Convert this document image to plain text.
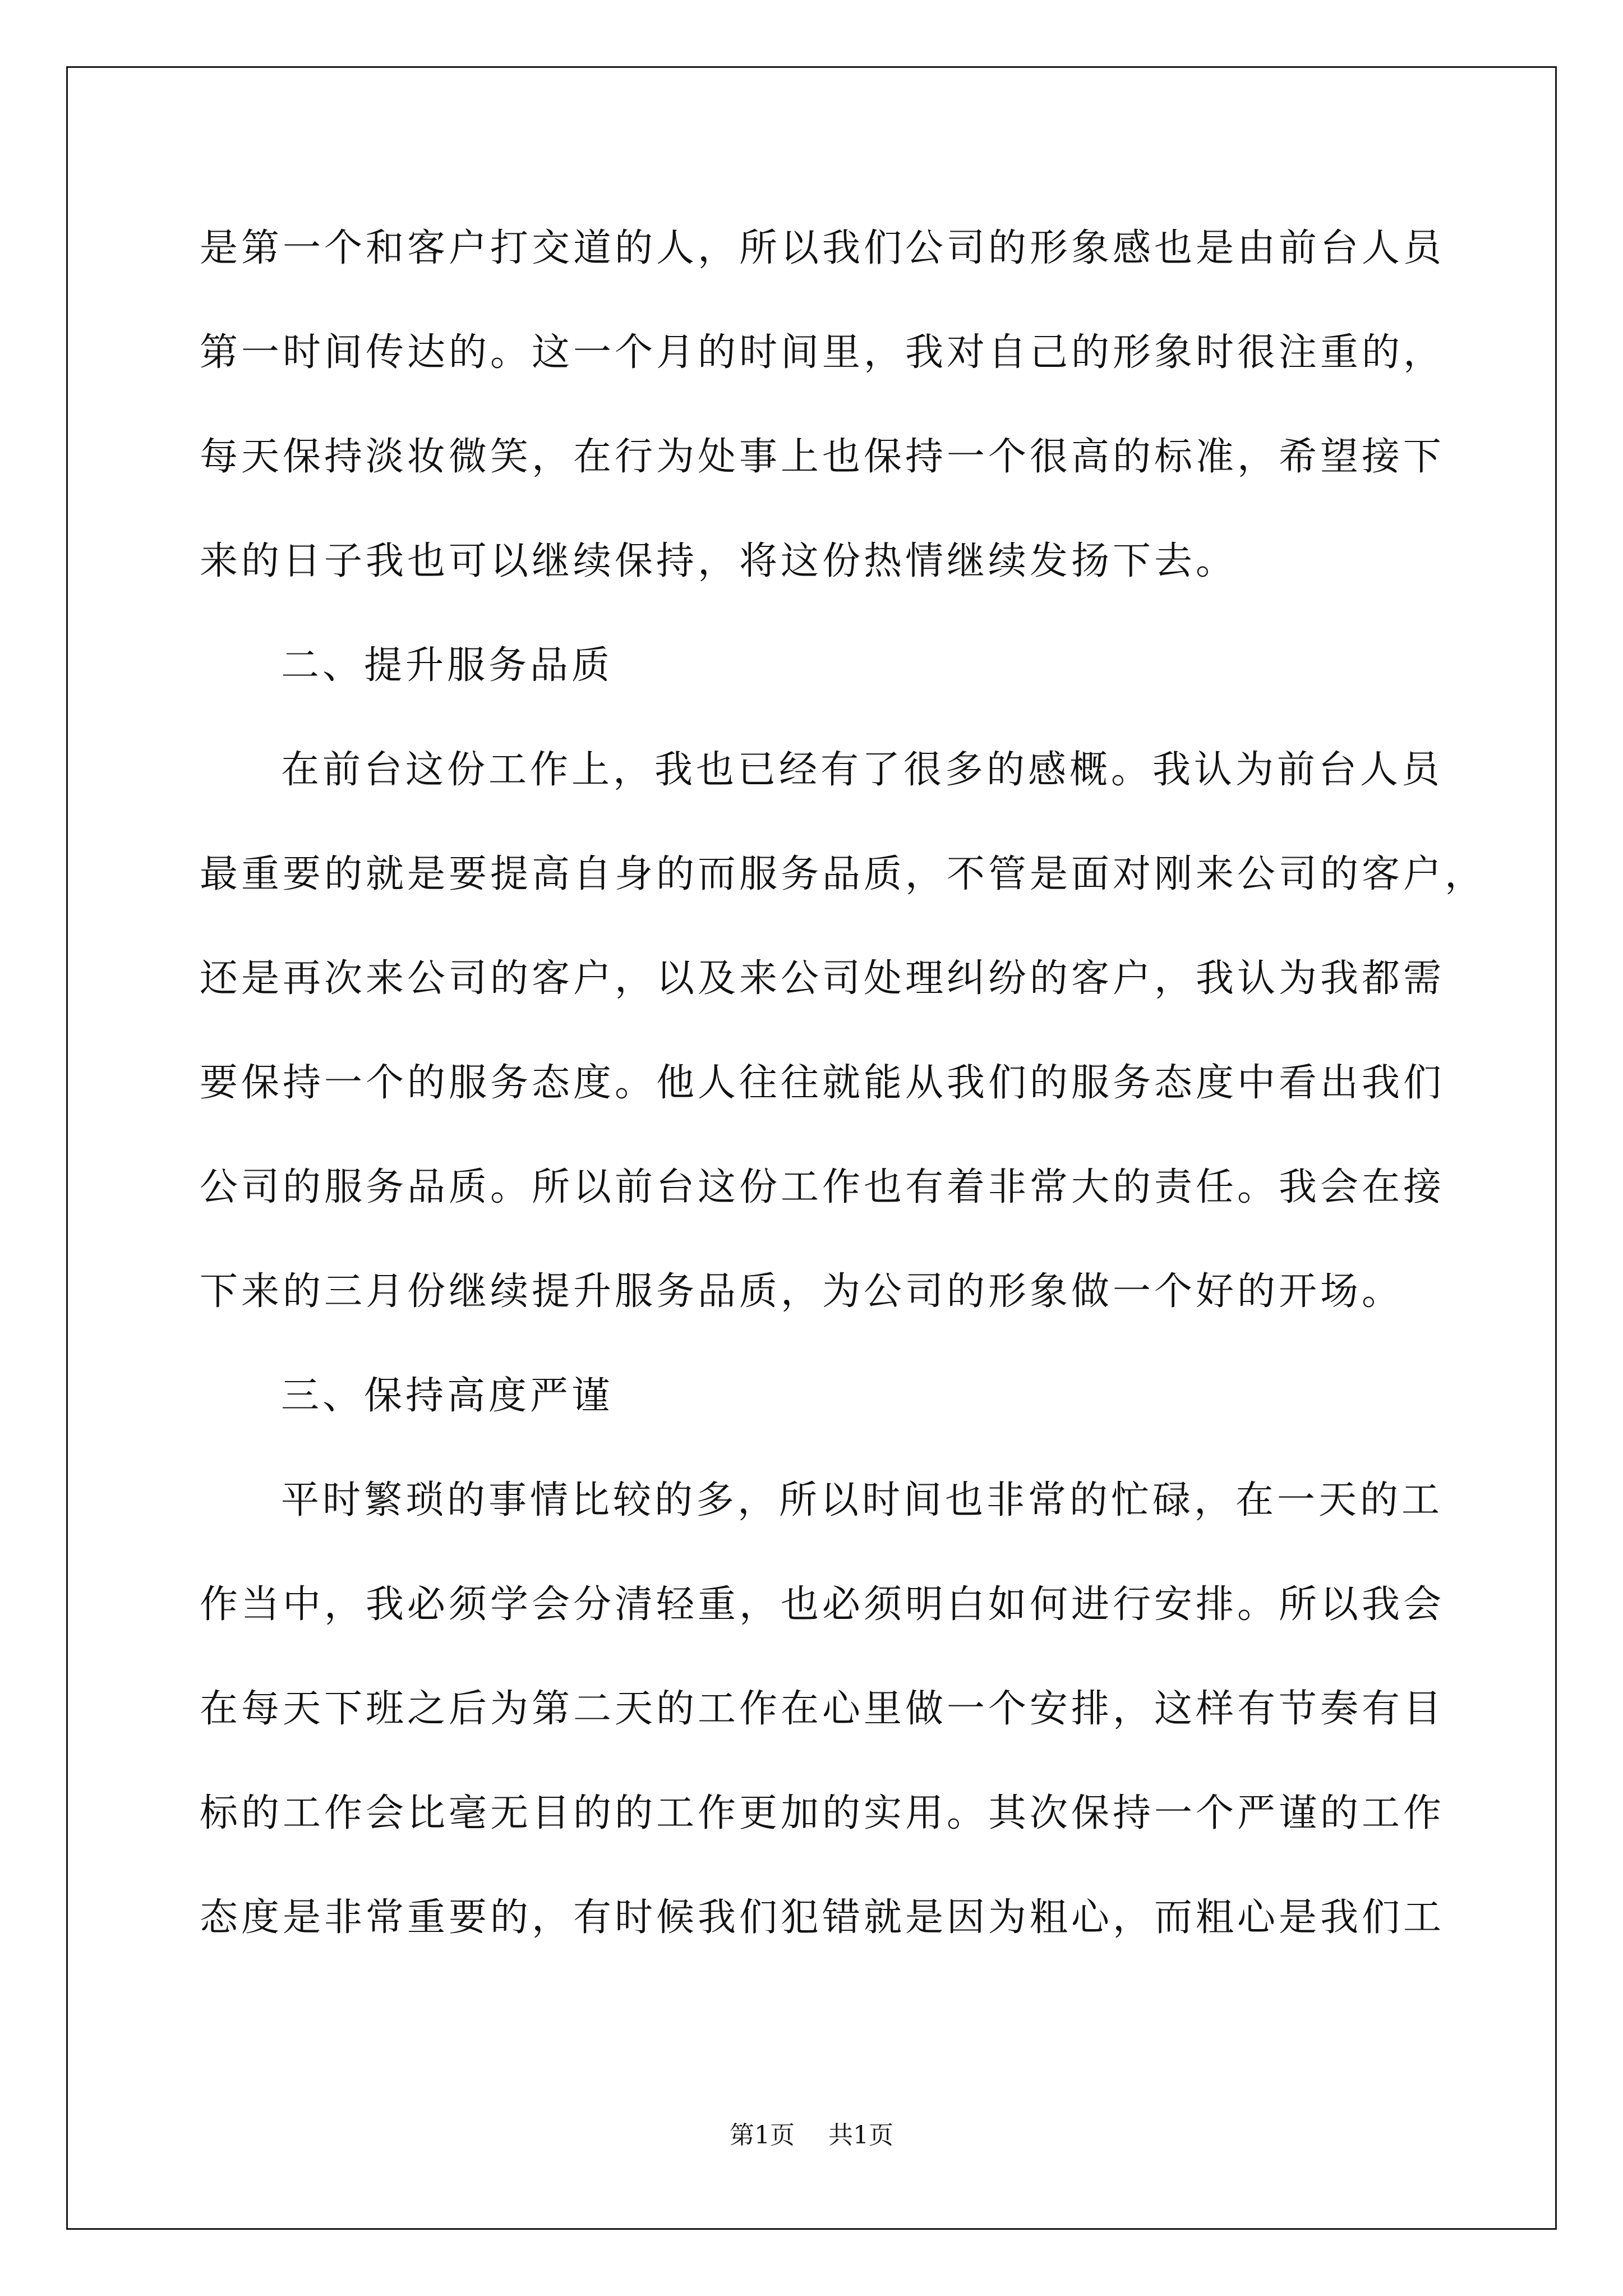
是第一个和客户打交道的人，所以我们公司的形象感也是由前台人员
第一时间传达的。这一个月的时间里，我对自己的形象时很注重的，
每天保持淡妆微笑，在行为处事上也保持一个很高的标准，希望接下
来的日子我也可以继续保持，将这份热情继续发扬下去。
二、提升服务品质
在前台这份工作上，我也已经有了很多的感概。我认为前台人员
最重要的就是要提高自身的而服务品质，不管是面对刚来公司的客户，
还是再次来公司的客户，以及来公司处理纠纷的客户，我认为我都需
要保持一个的服务态度。他人往往就能从我们的服务态度中看出我们
公司的服务品质。所以前台这份工作也有着非常大的责任。我会在接
下来的三月份继续提升服务品质，为公司的形象做一个好的开场。
三、保持高度严谨
平时繁琐的事情比较的多，所以时间也非常的忙碌，在一天的工
作当中，我必须学会分清轻重，也必须明白如何进行安排。所以我会
在每天下班之后为第二天的工作在心里做一个安排，这样有节奏有目
标的工作会比毫无目的的工作更加的实用。其次保持一个严谨的工作
态度是非常重要的，有时候我们犯错就是因为粗心，而粗心是我们工
第1页 共1页
